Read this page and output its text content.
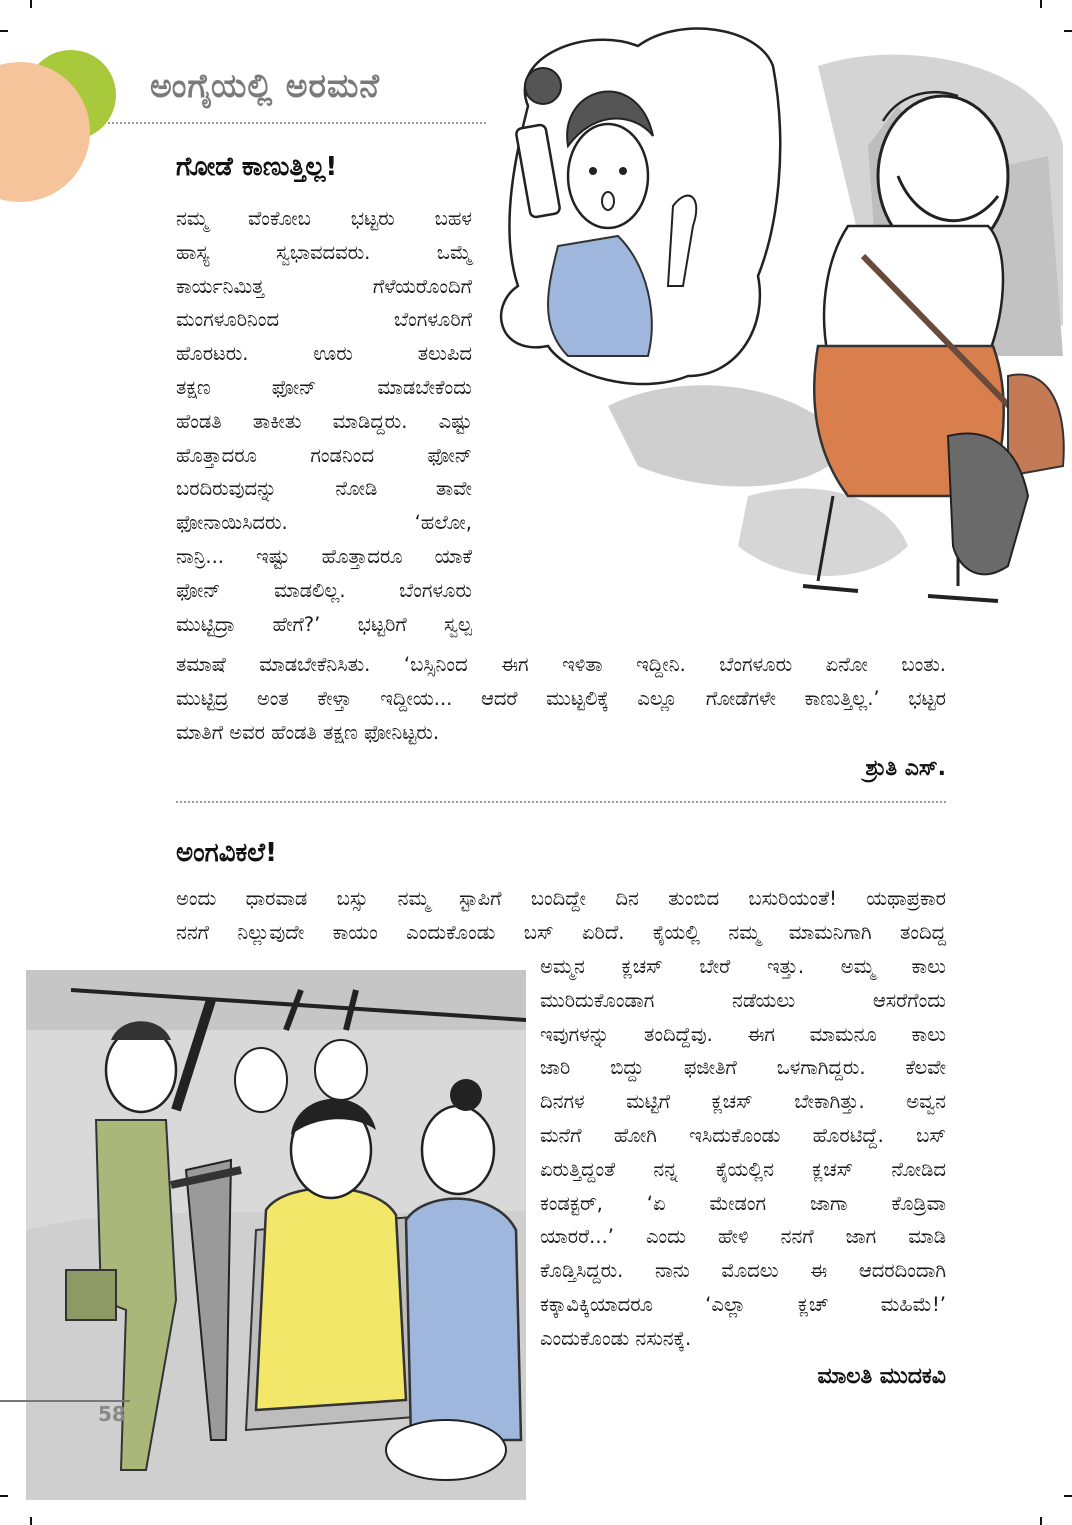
ಅಂಗೈಯಲ್ಲಿ ಅರಮನೆ
ಗೋಡೆ ಕಾಣುತ್ತಿಲ್ಲ!
ನಮ್ಮ ವೆಂಕೋಬ ಭಟ್ಟರು ಬಹಳ
ಹಾಸ್ಯ ಸ್ವಭಾವದವರು. ಒಮ್ಮೆ
ಕಾರ್ಯನಿಮಿತ್ತ ಗೆಳೆಯರೊಂದಿಗೆ
ಮಂಗಳೂರಿನಿಂದ ಬೆಂಗಳೂರಿಗೆ
ಹೊರಟರು. ಊರು ತಲುಪಿದ
ತಕ್ಷಣ ಫೋನ್ ಮಾಡಬೇಕೆಂದು
ಹೆಂಡತಿ ತಾಕೀತು ಮಾಡಿದ್ದರು. ಎಷ್ಟು
ಹೊತ್ತಾದರೂ ಗಂಡನಿಂದ ಫೋನ್
ಬರದಿರುವುದನ್ನು ನೋಡಿ ತಾವೇ
ಫೋನಾಯಿಸಿದರು. ‘ಹಲೋ,
ನಾನ್ರಿ... ಇಷ್ಟು ಹೊತ್ತಾದರೂ ಯಾಕೆ
ಫೋನ್ ಮಾಡಲಿಲ್ಲ. ಬೆಂಗಳೂರು
ಮುಟ್ಟಿದ್ರಾ ಹೇಗೆ?’ ಭಟ್ಟರಿಗೆ ಸ್ವಲ್ಪ
ತಮಾಷೆ ಮಾಡಬೇಕೆನಿಸಿತು. ‘ಬಸ್ಸಿನಿಂದ ಈಗ ಇಳಿತಾ ಇದ್ದೀನಿ. ಬೆಂಗಳೂರು ಏನೋ ಬಂತು.
ಮುಟ್ಟಿದ್ರ ಅಂತ ಕೇಳ್ತಾ ಇದ್ದೀಯ... ಆದರೆ ಮುಟ್ಟಲಿಕ್ಕೆ ಎಲ್ಲೂ ಗೋಡೆಗಳೇ ಕಾಣುತ್ತಿಲ್ಲ.’ ಭಟ್ಟರ
ಮಾತಿಗೆ ಅವರ ಹೆಂಡತಿ ತಕ್ಷಣ ಫೋನಿಟ್ಟರು.
ಶ್ರುತಿ ಎಸ್.
ಅಂಗವಿಕಲೆ!
ಅಂದು ಧಾರವಾಡ ಬಸ್ಸು ನಮ್ಮ ಸ್ಟಾಪಿಗೆ ಬಂದಿದ್ದೇ ದಿನ ತುಂಬಿದ ಬಸುರಿಯಂತೆ! ಯಥಾಪ್ರಕಾರ
ನನಗೆ ನಿಲ್ಲುವುದೇ ಕಾಯಂ ಎಂದುಕೊಂಡು ಬಸ್ ಏರಿದೆ. ಕೈಯಲ್ಲಿ ನಮ್ಮ ಮಾಮನಿಗಾಗಿ ತಂದಿದ್ದ
ಅಮ್ಮನ ಕ್ಲಚಸ್ ಬೇರೆ ಇತ್ತು. ಅಮ್ಮ ಕಾಲು
ಮುರಿದುಕೊಂಡಾಗ ನಡೆಯಲು ಆಸರೆಗೆಂದು
ಇವುಗಳನ್ನು ತಂದಿದ್ದೆವು. ಈಗ ಮಾಮನೂ ಕಾಲು
ಜಾರಿ ಬಿದ್ದು ಫಜೀತಿಗೆ ಒಳಗಾಗಿದ್ದರು. ಕೆಲವೇ
ದಿನಗಳ ಮಟ್ಟಿಗೆ ಕ್ಲಚಸ್ ಬೇಕಾಗಿತ್ತು. ಅವ್ವನ
ಮನೆಗೆ ಹೋಗಿ ಇಸಿದುಕೊಂಡು ಹೊರಟಿದ್ದೆ. ಬಸ್
ಏರುತ್ತಿದ್ದಂತೆ ನನ್ನ ಕೈಯಲ್ಲಿನ ಕ್ಲಚಸ್ ನೋಡಿದ
ಕಂಡಕ್ಟರ್, ‘ಏ ಮೇಡಂಗ ಜಾಗಾ ಕೊಡ್ರಿವಾ
ಯಾರರೆ...’ ಎಂದು ಹೇಳಿ ನನಗೆ ಜಾಗ ಮಾಡಿ
ಕೊಡ್ತಿಸಿದ್ದರು. ನಾನು ಮೊದಲು ಈ ಆದರದಿಂದಾಗಿ
ಕಕ್ಕಾವಿಕ್ಕಿಯಾದರೂ ‘ಎಲ್ಲಾ ಕ್ಲಚ್ ಮಹಿಮೆ!’
ಎಂದುಕೊಂಡು ನಸುನಕ್ಕೆ.
ಮಾಲತಿ ಮುದಕವಿ
58
